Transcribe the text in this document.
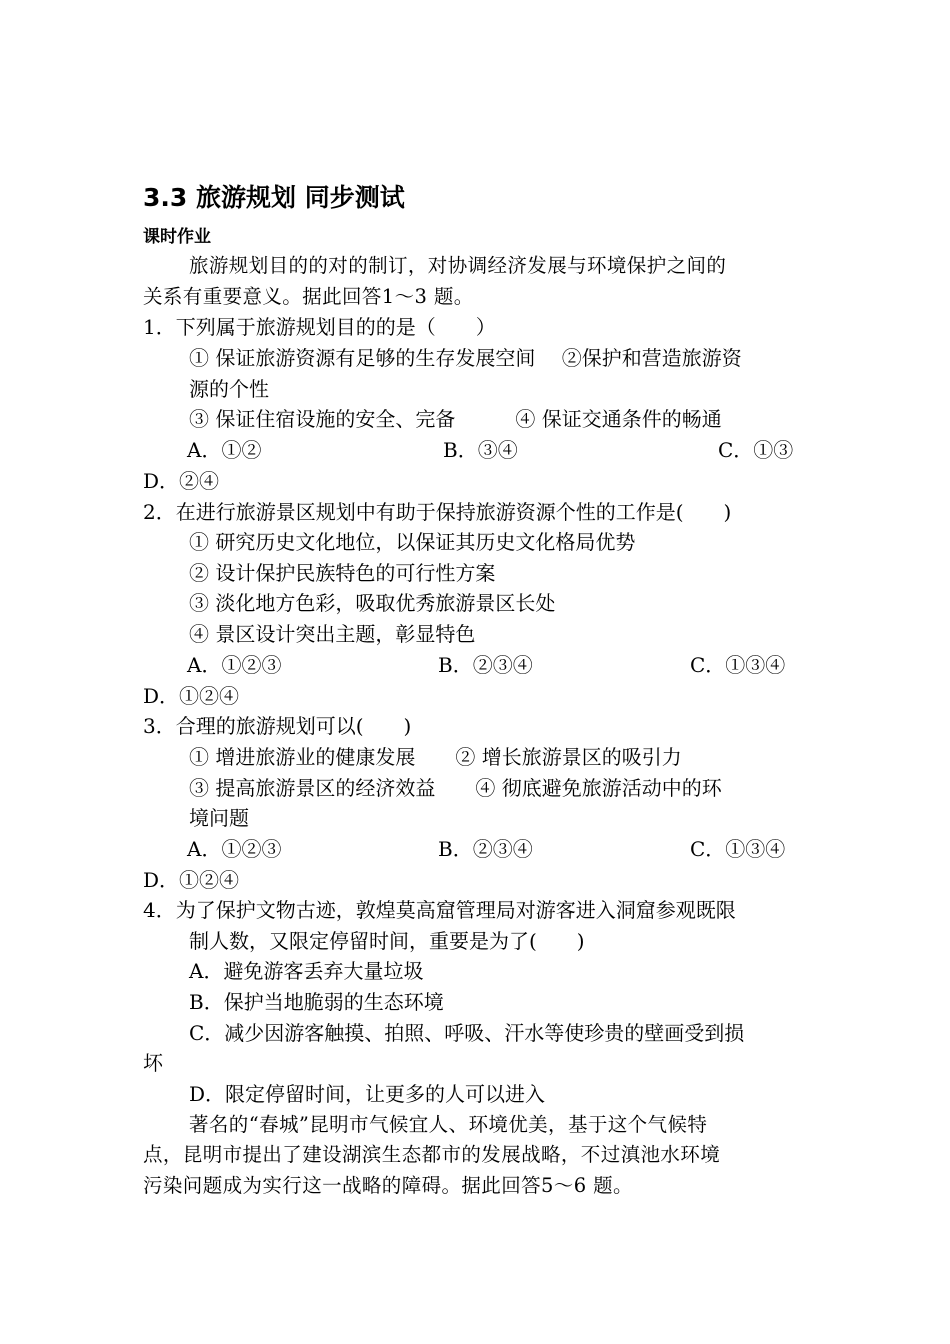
3.3 旅游规划 同步测试
课时作业
旅游规划目的的对的制订，对协调经济发展与环境保护之间的
关系有重要意义。据此回答1～3 题。
1．下列属于旅游规划目的的是（　　）
① 保证旅游资源有足够的生存发展空间　 ②保护和营造旅游资
源的个性
③ 保证住宿设施的安全、完备　　　④ 保证交通条件的畅通
A．①②	B．③④	C．①③
D．②④
2．在进行旅游景区规划中有助于保持旅游资源个性的工作是(　　)
① 研究历史文化地位，以保证其历史文化格局优势
② 设计保护民族特色的可行性方案
③ 淡化地方色彩，吸取优秀旅游景区长处
④ 景区设计突出主题，彰显特色
A．①②③	B．②③④	C．①③④
D．①②④
3．合理的旅游规划可以(　　)
① 增进旅游业的健康发展　　② 增长旅游景区的吸引力
③ 提高旅游景区的经济效益　　④ 彻底避免旅游活动中的环
境问题
A．①②③	B．②③④	C．①③④
D．①②④
4．为了保护文物古迹，敦煌莫高窟管理局对游客进入洞窟参观既限
制人数，又限定停留时间，重要是为了(　　)
A．避免游客丢弃大量垃圾
B．保护当地脆弱的生态环境
C．减少因游客触摸、拍照、呼吸、汗水等使珍贵的壁画受到损
坏
D．限定停留时间，让更多的人可以进入
著名的“春城”昆明市气候宜人、环境优美，基于这个气候特
点，昆明市提出了建设湖滨生态都市的发展战略，不过滇池水环境
污染问题成为实行这一战略的障碍。据此回答5～6 题。
